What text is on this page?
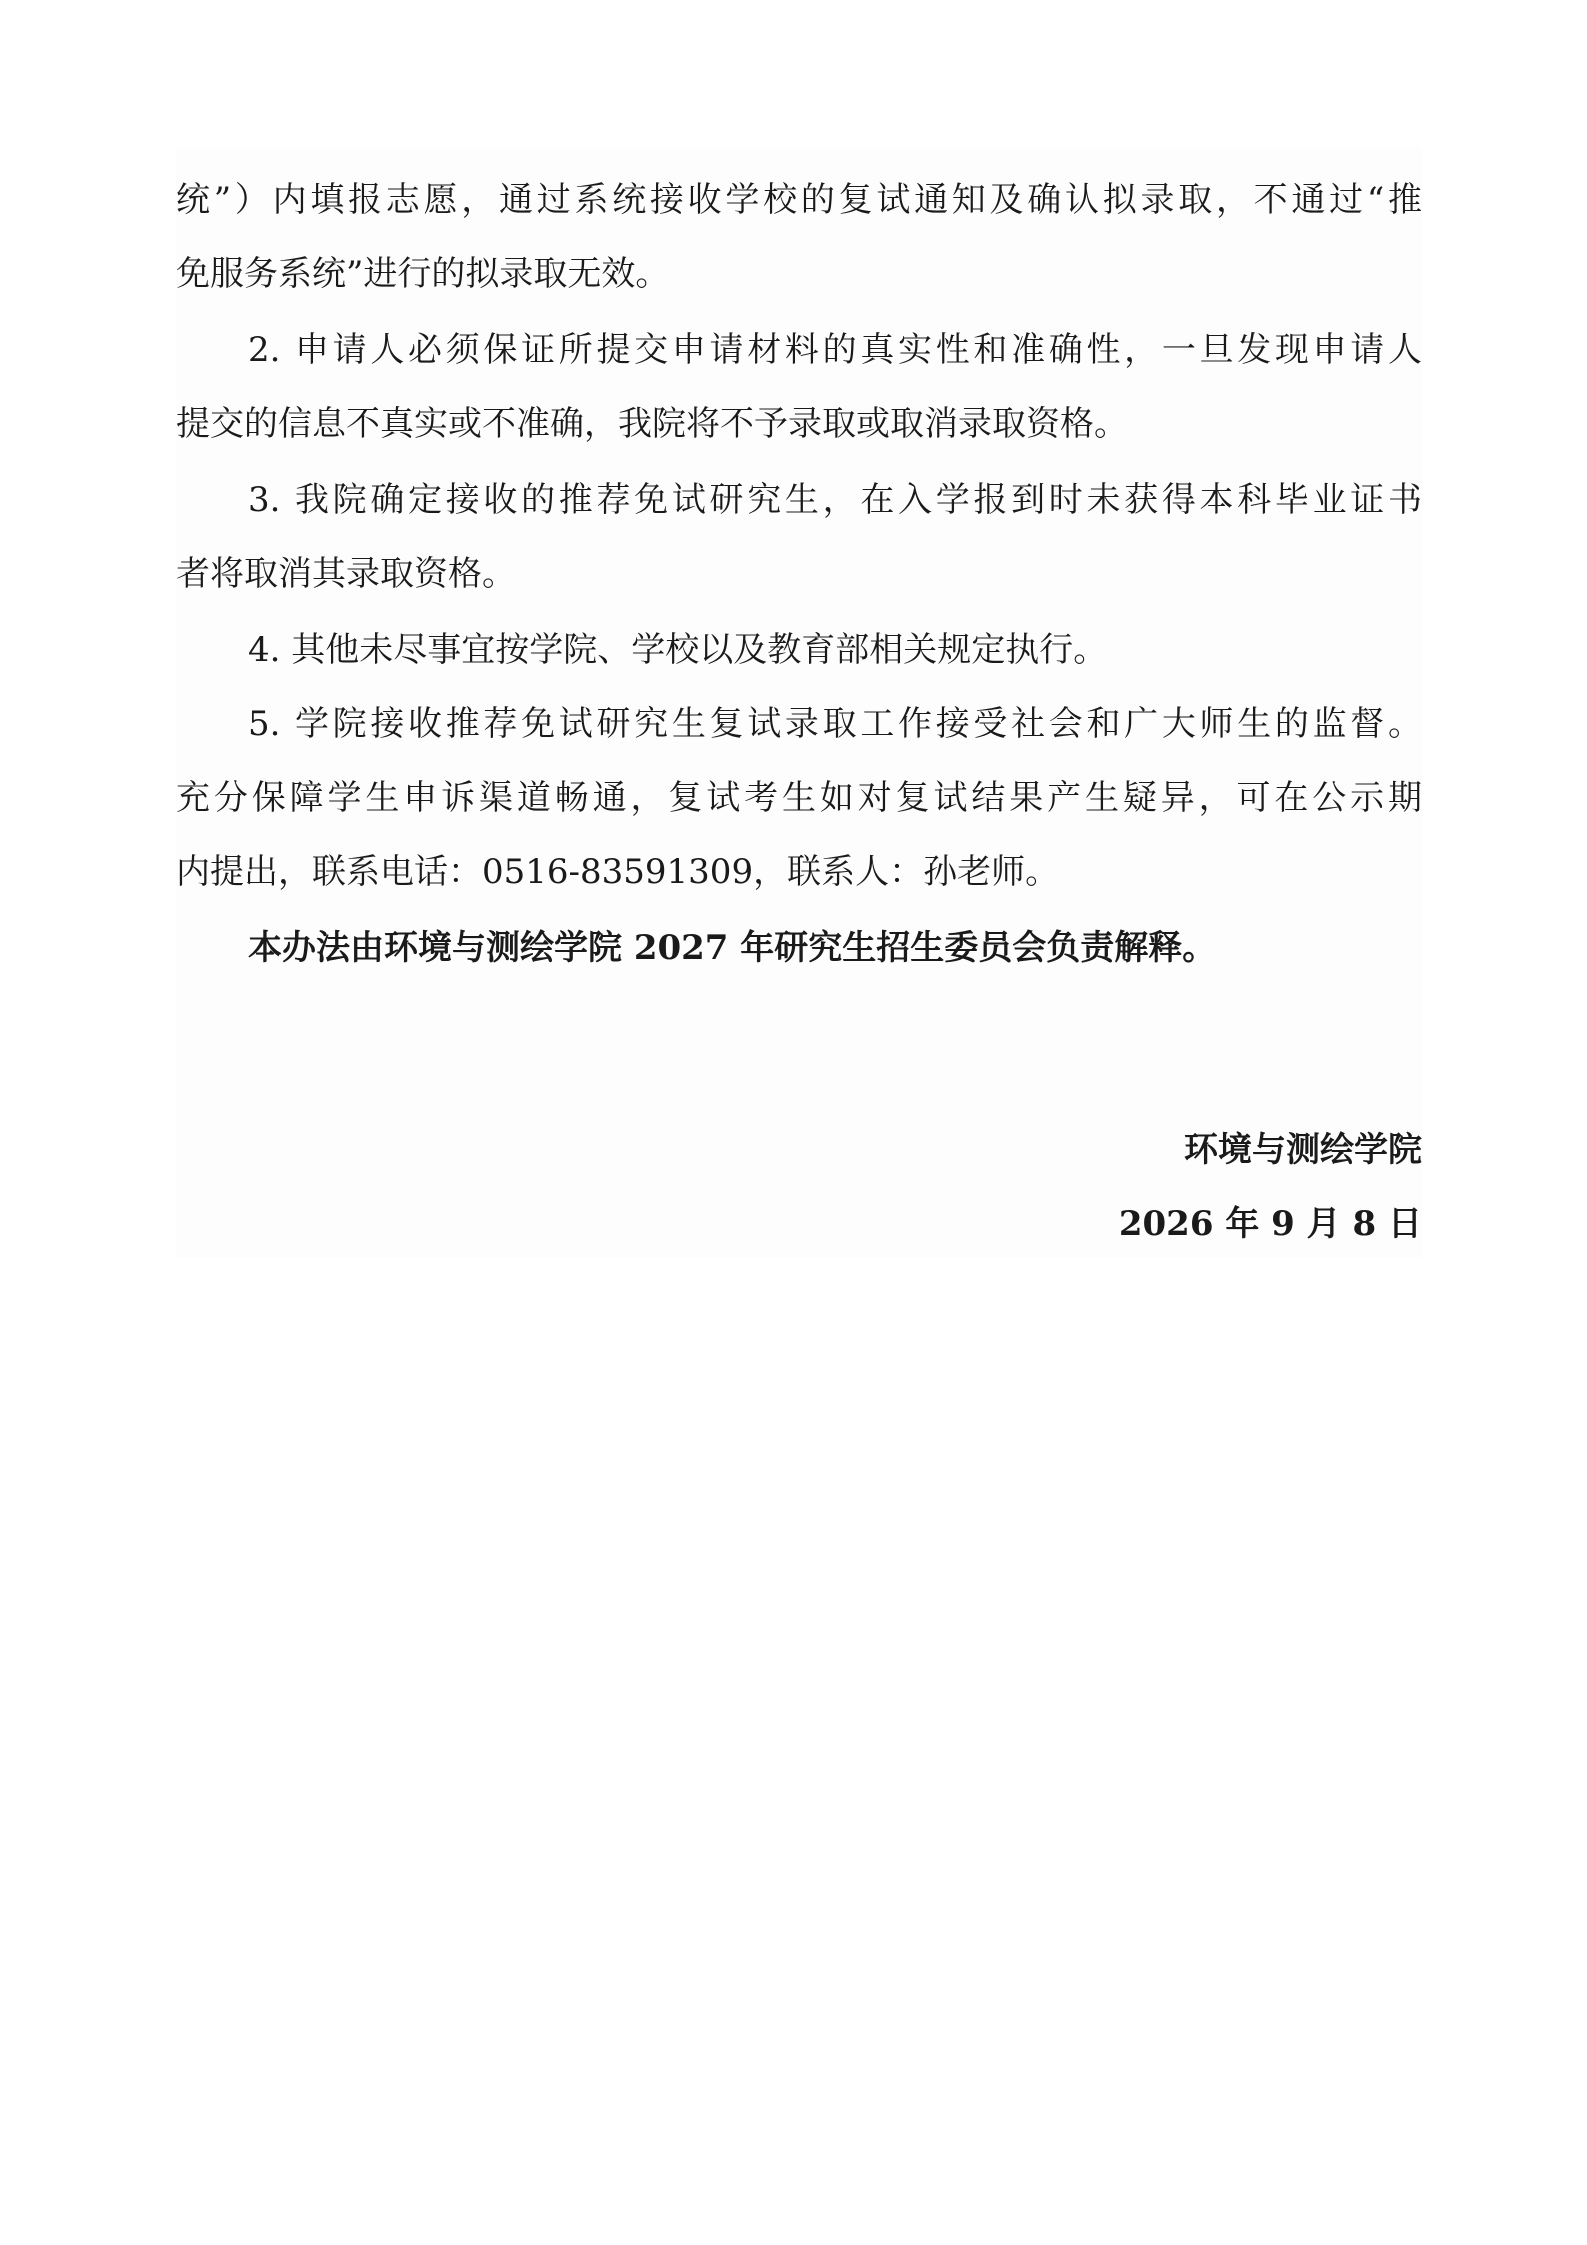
统”）内填报志愿，通过系统接收学校的复试通知及确认拟录取，不通过“推
免服务系统”进行的拟录取无效。
2. 申请人必须保证所提交申请材料的真实性和准确性，一旦发现申请人
提交的信息不真实或不准确，我院将不予录取或取消录取资格。
3. 我院确定接收的推荐免试研究生，在入学报到时未获得本科毕业证书
者将取消其录取资格。
4. 其他未尽事宜按学院、学校以及教育部相关规定执行。
5. 学院接收推荐免试研究生复试录取工作接受社会和广大师生的监督。
充分保障学生申诉渠道畅通，复试考生如对复试结果产生疑异，可在公示期
内提出，联系电话：0516-83591309，联系人：孙老师。
本办法由环境与测绘学院 2027 年研究生招生委员会负责解释。
环境与测绘学院
2026 年 9 月 8 日
